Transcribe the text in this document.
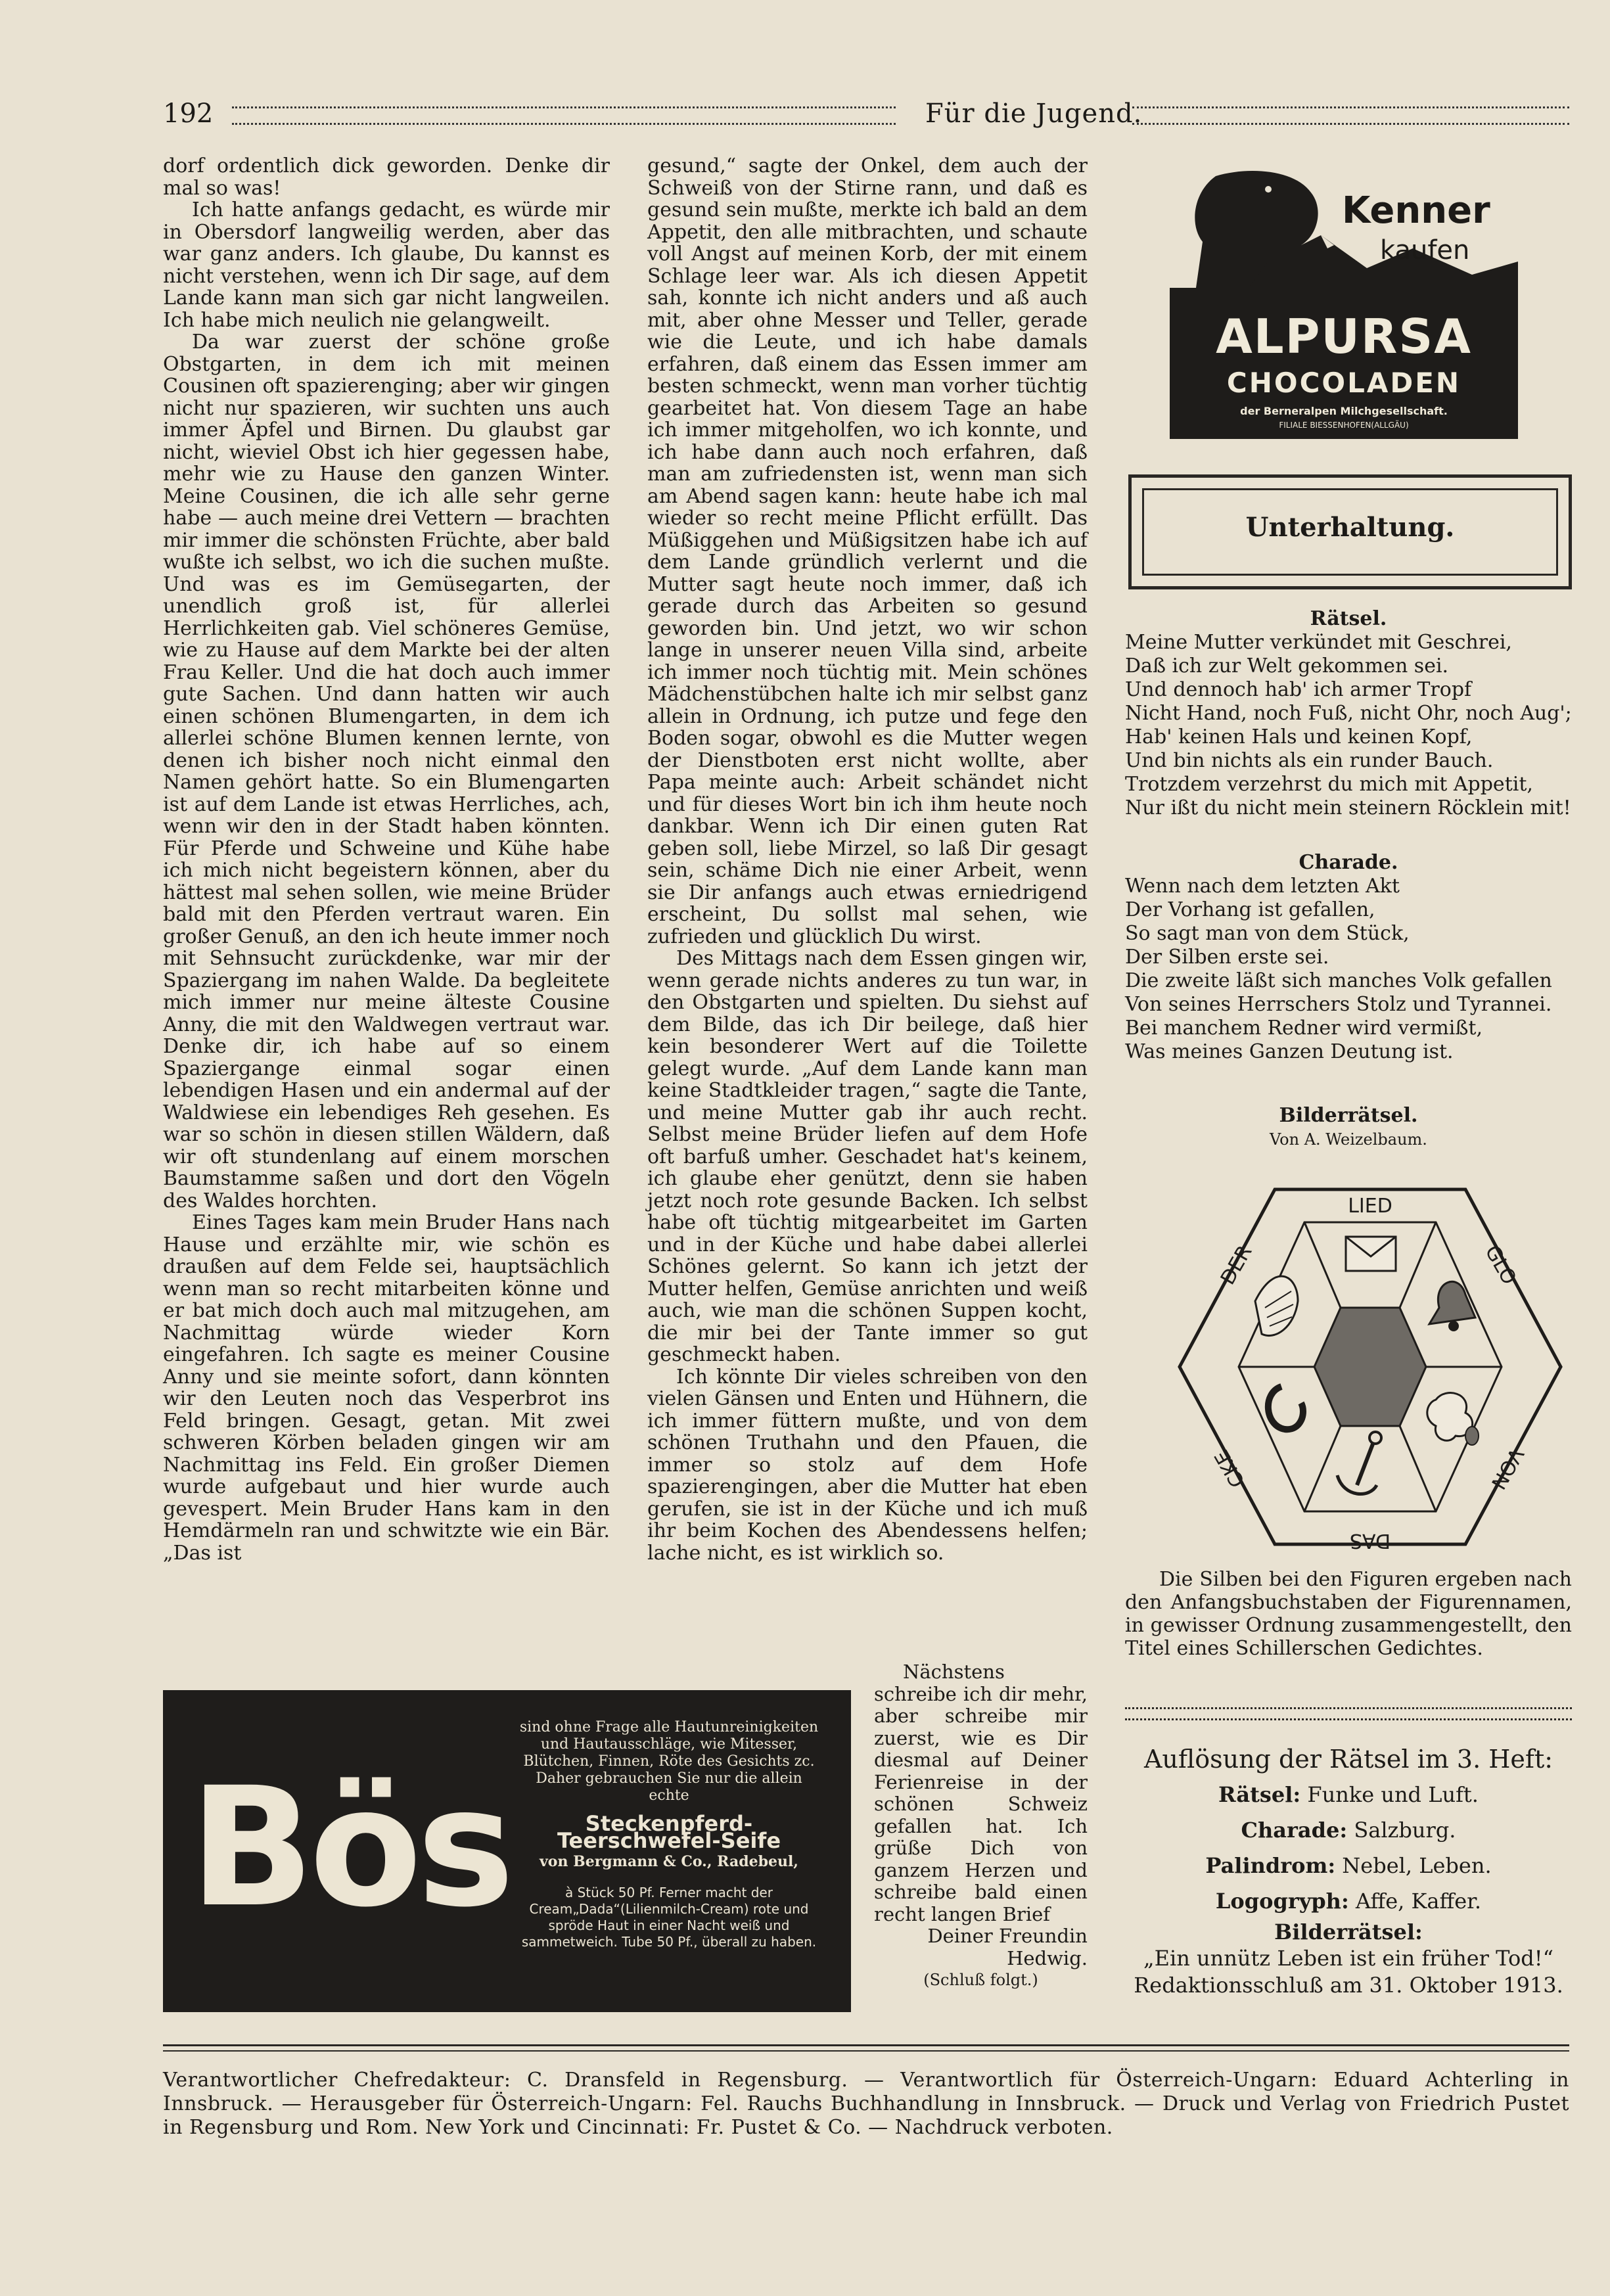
192	Für die Jugend.

dorf ordentlich dick geworden. Denke dir mal so was!

Ich hatte anfangs gedacht, es würde mir in Obersdorf langweilig werden, aber das war ganz anders. Ich glaube, Du kannst es nicht verstehen, wenn ich Dir sage, auf dem Lande kann man sich gar nicht langweilen. Ich habe mich neulich nie gelangweilt.

Da war zuerst der schöne große Obstgarten, in dem ich mit meinen Cousinen oft spazierenging; aber wir gingen nicht nur spazieren, wir suchten uns auch immer Äpfel und Birnen. Du glaubst gar nicht, wieviel Obst ich hier gegessen habe, mehr wie zu Hause den ganzen Winter. Meine Cousinen, die ich alle sehr gerne habe — auch meine drei Vettern — brachten mir immer die schönsten Früchte, aber bald wußte ich selbst, wo ich die suchen mußte. Und was es im Gemüsegarten, der unendlich groß ist, für allerlei Herrlichkeiten gab. Viel schöneres Gemüse, wie zu Hause auf dem Markte bei der alten Frau Keller. Und die hat doch auch immer gute Sachen. Und dann hatten wir auch einen schönen Blumengarten, in dem ich allerlei schöne Blumen kennen lernte, von denen ich bisher noch nicht einmal den Namen gehört hatte. So ein Blumengarten ist auf dem Lande ist etwas Herrliches, ach, wenn wir den in der Stadt haben könnten. Für Pferde und Schweine und Kühe habe ich mich nicht begeistern können, aber du hättest mal sehen sollen, wie meine Brüder bald mit den Pferden vertraut waren. Ein großer Genuß, an den ich heute immer noch mit Sehnsucht zurückdenke, war mir der Spaziergang im nahen Walde. Da begleitete mich immer nur meine älteste Cousine Anny, die mit den Waldwegen vertraut war. Denke dir, ich habe auf so einem Spaziergange einmal sogar einen lebendigen Hasen und ein andermal auf der Waldwiese ein lebendiges Reh gesehen. Es war so schön in diesen stillen Wäldern, daß wir oft stundenlang auf einem morschen Baumstamme saßen und dort den Vögeln des Waldes horchten.

Eines Tages kam mein Bruder Hans nach Hause und erzählte mir, wie schön es draußen auf dem Felde sei, hauptsächlich wenn man so recht mitarbeiten könne und er bat mich doch auch mal mitzugehen, am Nachmittag würde wieder Korn eingefahren. Ich sagte es meiner Cousine Anny und sie meinte sofort, dann könnten wir den Leuten noch das Vesperbrot ins Feld bringen. Gesagt, getan. Mit zwei schweren Körben beladen gingen wir am Nachmittag ins Feld. Ein großer Diemen wurde aufgebaut und hier wurde auch gevespert. Mein Bruder Hans kam in den Hemdärmeln ran und schwitzte wie ein Bär. „Das ist

gesund,“ sagte der Onkel, dem auch der Schweiß von der Stirne rann, und daß es gesund sein mußte, merkte ich bald an dem Appetit, den alle mitbrachten, und schaute voll Angst auf meinen Korb, der mit einem Schlage leer war. Als ich diesen Appetit sah, konnte ich nicht anders und aß auch mit, aber ohne Messer und Teller, gerade wie die Leute, und ich habe damals erfahren, daß einem das Essen immer am besten schmeckt, wenn man vorher tüchtig gearbeitet hat. Von diesem Tage an habe ich immer mitgeholfen, wo ich konnte, und ich habe dann auch noch erfahren, daß man am zufriedensten ist, wenn man sich am Abend sagen kann: heute habe ich mal wieder so recht meine Pflicht erfüllt. Das Müßiggehen und Müßigsitzen habe ich auf dem Lande gründlich verlernt und die Mutter sagt heute noch immer, daß ich gerade durch das Arbeiten so gesund geworden bin. Und jetzt, wo wir schon lange in unserer neuen Villa sind, arbeite ich immer noch tüchtig mit. Mein schönes Mädchenstübchen halte ich mir selbst ganz allein in Ordnung, ich putze und fege den Boden sogar, obwohl es die Mutter wegen der Dienstboten erst nicht wollte, aber Papa meinte auch: Arbeit schändet nicht und für dieses Wort bin ich ihm heute noch dankbar. Wenn ich Dir einen guten Rat geben soll, liebe Mirzel, so laß Dir gesagt sein, schäme Dich nie einer Arbeit, wenn sie Dir anfangs auch etwas erniedrigend erscheint, Du sollst mal sehen, wie zufrieden und glücklich Du wirst.

Des Mittags nach dem Essen gingen wir, wenn gerade nichts anderes zu tun war, in den Obstgarten und spielten. Du siehst auf dem Bilde, das ich Dir beilege, daß hier kein besonderer Wert auf die Toilette gelegt wurde. „Auf dem Lande kann man keine Stadtkleider tragen,“ sagte die Tante, und meine Mutter gab ihr auch recht. Selbst meine Brüder liefen auf dem Hofe oft barfuß umher. Geschadet hat's keinem, ich glaube eher genützt, denn sie haben jetzt noch rote gesunde Backen. Ich selbst habe oft tüchtig mitgearbeitet im Garten und in der Küche und habe dabei allerlei Schönes gelernt. So kann ich jetzt der Mutter helfen, Gemüse anrichten und weiß auch, wie man die schönen Suppen kocht, die mir bei der Tante immer so gut geschmeckt haben.

Ich könnte Dir vieles schreiben von den vielen Gänsen und Enten und Hühnern, die ich immer füttern mußte, und von dem schönen Truthahn und den Pfauen, die immer so stolz auf dem Hofe spazierengingen, aber die Mutter hat eben gerufen, sie ist in der Küche und ich muß ihr beim Kochen des Abendessens helfen; lache nicht, es ist wirklich so.

Nächstens schreibe ich dir mehr, aber schreibe mir zuerst, wie es Dir diesmal auf Deiner Ferienreise in der schönen Schweiz gefallen hat. Ich grüße Dich von ganzem Herzen und schreibe bald einen recht langen Brief

Deiner Freundin

Hedwig.

(Schluß folgt.)

Kenner
kaufen
ALPURSA
CHOCOLADEN
der Berneralpen Milchgesellschaft.
FILIALE BIESSENHOFEN(ALLGÄU)
Unterhaltung.
Rätsel.
Meine Mutter verkündet mit Geschrei,
Daß ich zur Welt gekommen sei.
Und dennoch hab' ich armer Tropf
Nicht Hand, noch Fuß, nicht Ohr, noch Aug';
Hab' keinen Hals und keinen Kopf,
Und bin nichts als ein runder Bauch.
Trotzdem verzehrst du mich mit Appetit,
Nur ißt du nicht mein steinern Röcklein mit!
Charade.
Wenn nach dem letzten Akt
Der Vorhang ist gefallen,
So sagt man von dem Stück,
Der Silben erste sei.
Die zweite läßt sich manches Volk gefallen
Von seines Herrschers Stolz und Tyrannei.
Bei manchem Redner wird vermißt,
Was meines Ganzen Deutung ist.
Bilderrätsel.
Von A. Weizelbaum.
LIED
GLO
VON
DAS
CKE
DER

Die Silben bei den Figuren ergeben nach den Anfangsbuchstaben der Figurennamen, in gewisser Ordnung zusammengestellt, den Titel eines Schillerschen Gedichtes.

Auflösung der Rätsel im 3. Heft:
Rätsel: Funke und Luft.
Charade: Salzburg.
Palindrom: Nebel, Leben.
Logogryph: Affe, Kaffer.
Bilderrätsel:
„Ein unnütz Leben ist ein früher Tod!“
Redaktionsschluß am 31. Oktober 1913.
Bös
sind ohne Frage alle Hautunreinigkeiten und Hautausschläge, wie Mitesser, Blütchen, Finnen, Röte des Gesichts zc. Daher gebrauchen Sie nur die allein echte
Steckenpferd-Teerschwefel-Seife
von Bergmann & Co., Radebeul,
à Stück 50 Pf. Ferner macht der Cream„Dada“(Lilienmilch-Cream) rote und spröde Haut in einer Nacht weiß und sammetweich. Tube 50 Pf., überall zu haben.
Verantwortlicher Chefredakteur: C. Dransfeld in Regensburg. — Verantwortlich für Österreich-Ungarn: Eduard Achterling in Innsbruck. — Herausgeber für Österreich-Ungarn: Fel. Rauchs Buchhandlung in Innsbruck. — Druck und Verlag von Friedrich Pustet in Regensburg und Rom. New York und Cincinnati: Fr. Pustet & Co. — Nachdruck verboten.
